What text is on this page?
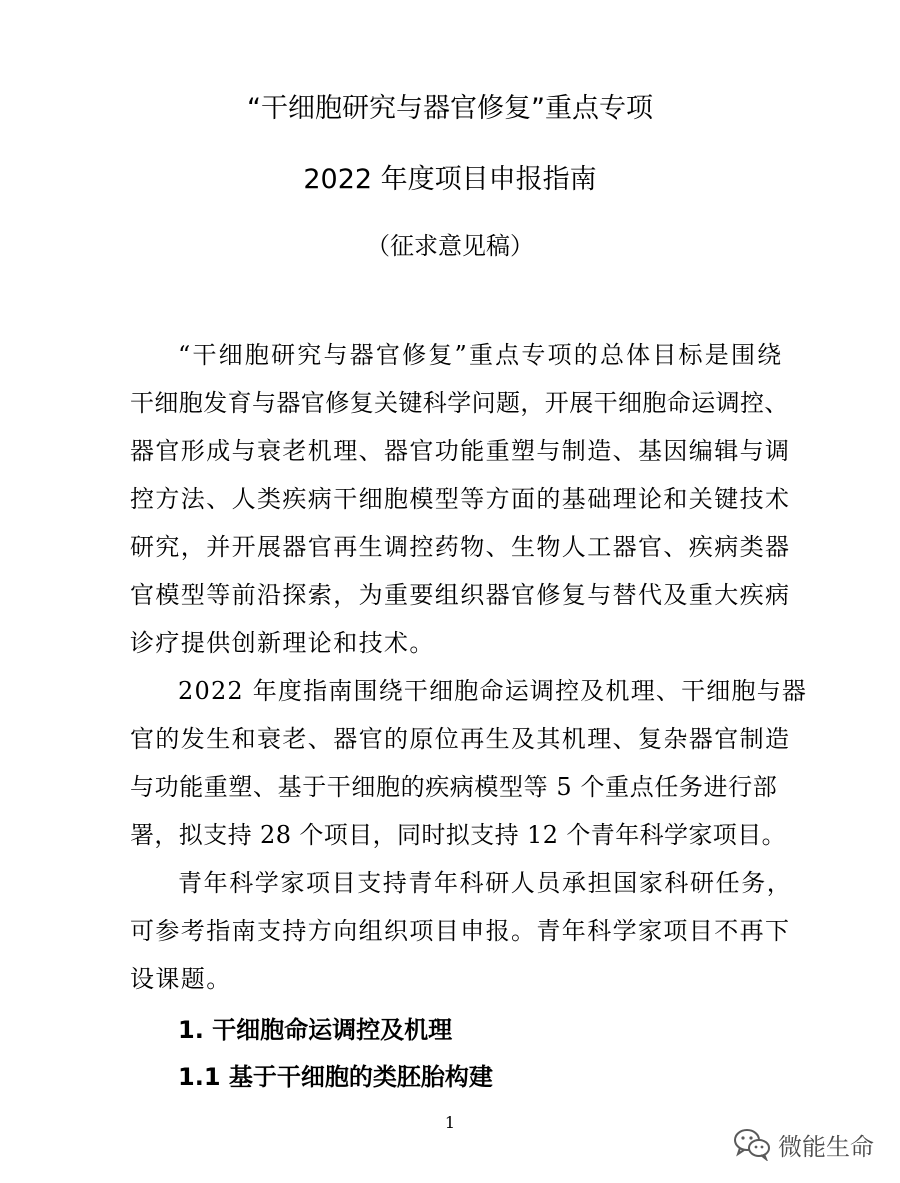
“干细胞研究与器官修复”重点专项
2022 年度项目申报指南
（征求意见稿）
“干细胞研究与器官修复”重点专项的总体目标是围绕
干细胞发育与器官修复关键科学问题，开展干细胞命运调控、
器官形成与衰老机理、器官功能重塑与制造、基因编辑与调
控方法、人类疾病干细胞模型等方面的基础理论和关键技术
研究，并开展器官再生调控药物、生物人工器官、疾病类器
官模型等前沿探索，为重要组织器官修复与替代及重大疾病
诊疗提供创新理论和技术。
2022 年度指南围绕干细胞命运调控及机理、干细胞与器
官的发生和衰老、器官的原位再生及其机理、复杂器官制造
与功能重塑、基于干细胞的疾病模型等 5 个重点任务进行部
署，拟支持 28 个项目，同时拟支持 12 个青年科学家项目。
青年科学家项目支持青年科研人员承担国家科研任务，
可参考指南支持方向组织项目申报。青年科学家项目不再下
设课题。
1. 干细胞命运调控及机理
1.1 基于干细胞的类胚胎构建
1
微能生命
